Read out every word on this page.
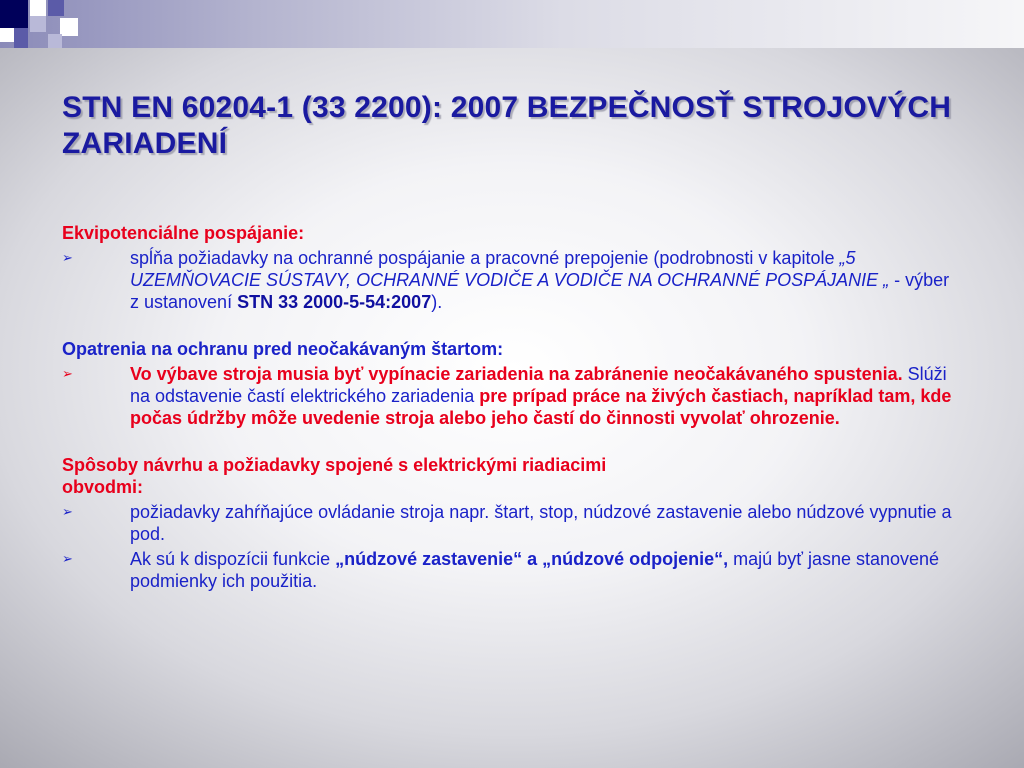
STN EN 60204-1 (33 2200): 2007 BEZPEČNOSŤ STROJOVÝCH ZARIADENÍ

Ekvipotenciálne pospájanie:

➢	spĺňa požiadavky na ochranné pospájanie a pracovné prepojenie (podrobnosti v kapitole „5 UZEMŇOVACIE SÚSTAVY, OCHRANNÉ VODIČE A VODIČE NA OCHRANNÉ POSPÁJANIE „ - výber z ustanovení STN 33 2000-5-54:2007).

Opatrenia na ochranu pred neočakávaným štartom:

➢	Vo výbave stroja musia byť vypínacie zariadenia na zabránenie neočakávaného spustenia. Slúži na odstavenie častí elektrického zariadenia pre prípad práce na živých častiach, napríklad tam, kde počas údržby môže uvedenie stroja alebo jeho častí do činnosti vyvolať ohrozenie.

Spôsoby návrhu a požiadavky spojené s elektrickými riadiacimi
obvodmi:

➢	požiadavky zahŕňajúce ovládanie stroja napr. štart, stop, núdzové zastavenie alebo núdzové vypnutie a pod.
➢	Ak sú k dispozícii funkcie „núdzové zastavenie“ a „núdzové odpojenie“, majú byť jasne stanovené podmienky ich použitia.
